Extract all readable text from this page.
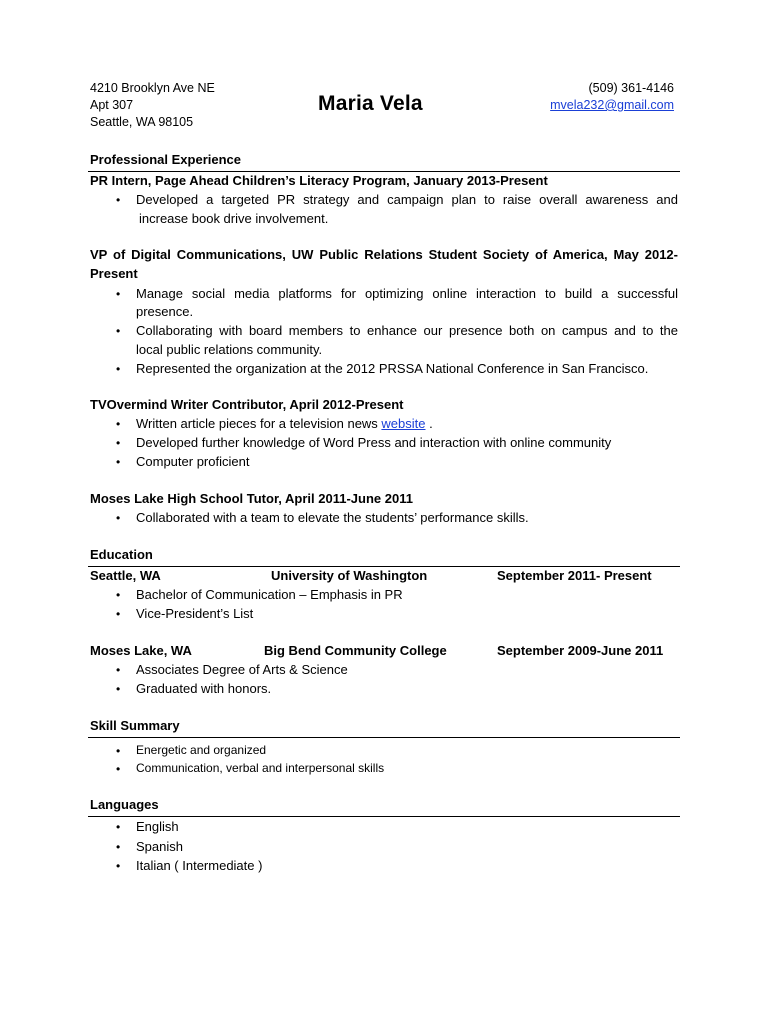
4210 Brooklyn Ave NE
Apt 307
Seattle, WA 98105
Maria Vela
(509) 361-4146
mvela232@gmail.com
Professional Experience
PR Intern, Page Ahead Children’s Literacy Program, January 2013-Present
• Developed a targeted PR strategy and campaign plan to raise overall awareness and
increase book drive involvement.
VP of Digital Communications, UW Public Relations Student Society of America, May 2012-
Present
• Manage social media platforms for optimizing online interaction to build a successful
presence.
• Collaborating with board members to enhance our presence both on campus and to the
local public relations community.
• Represented the organization at the 2012 PRSSA National Conference in San Francisco.
TVOvermind Writer Contributor, April 2012-Present
• Written article pieces for a television news website .
• Developed further knowledge of Word Press and interaction with online community
• Computer proficient
Moses Lake High School Tutor, April 2011-June 2011
• Collaborated with a team to elevate the students’ performance skills.
Education
Seattle, WA	University of Washington	September 2011- Present
• Bachelor of Communication – Emphasis in PR
• Vice-President’s List
Moses Lake, WA	Big Bend Community College	September 2009-June 2011
• Associates Degree of Arts & Science
• Graduated with honors.
Skill Summary
• Energetic and organized
• Communication, verbal and interpersonal skills
Languages
• English
• Spanish
• Italian ( Intermediate )
